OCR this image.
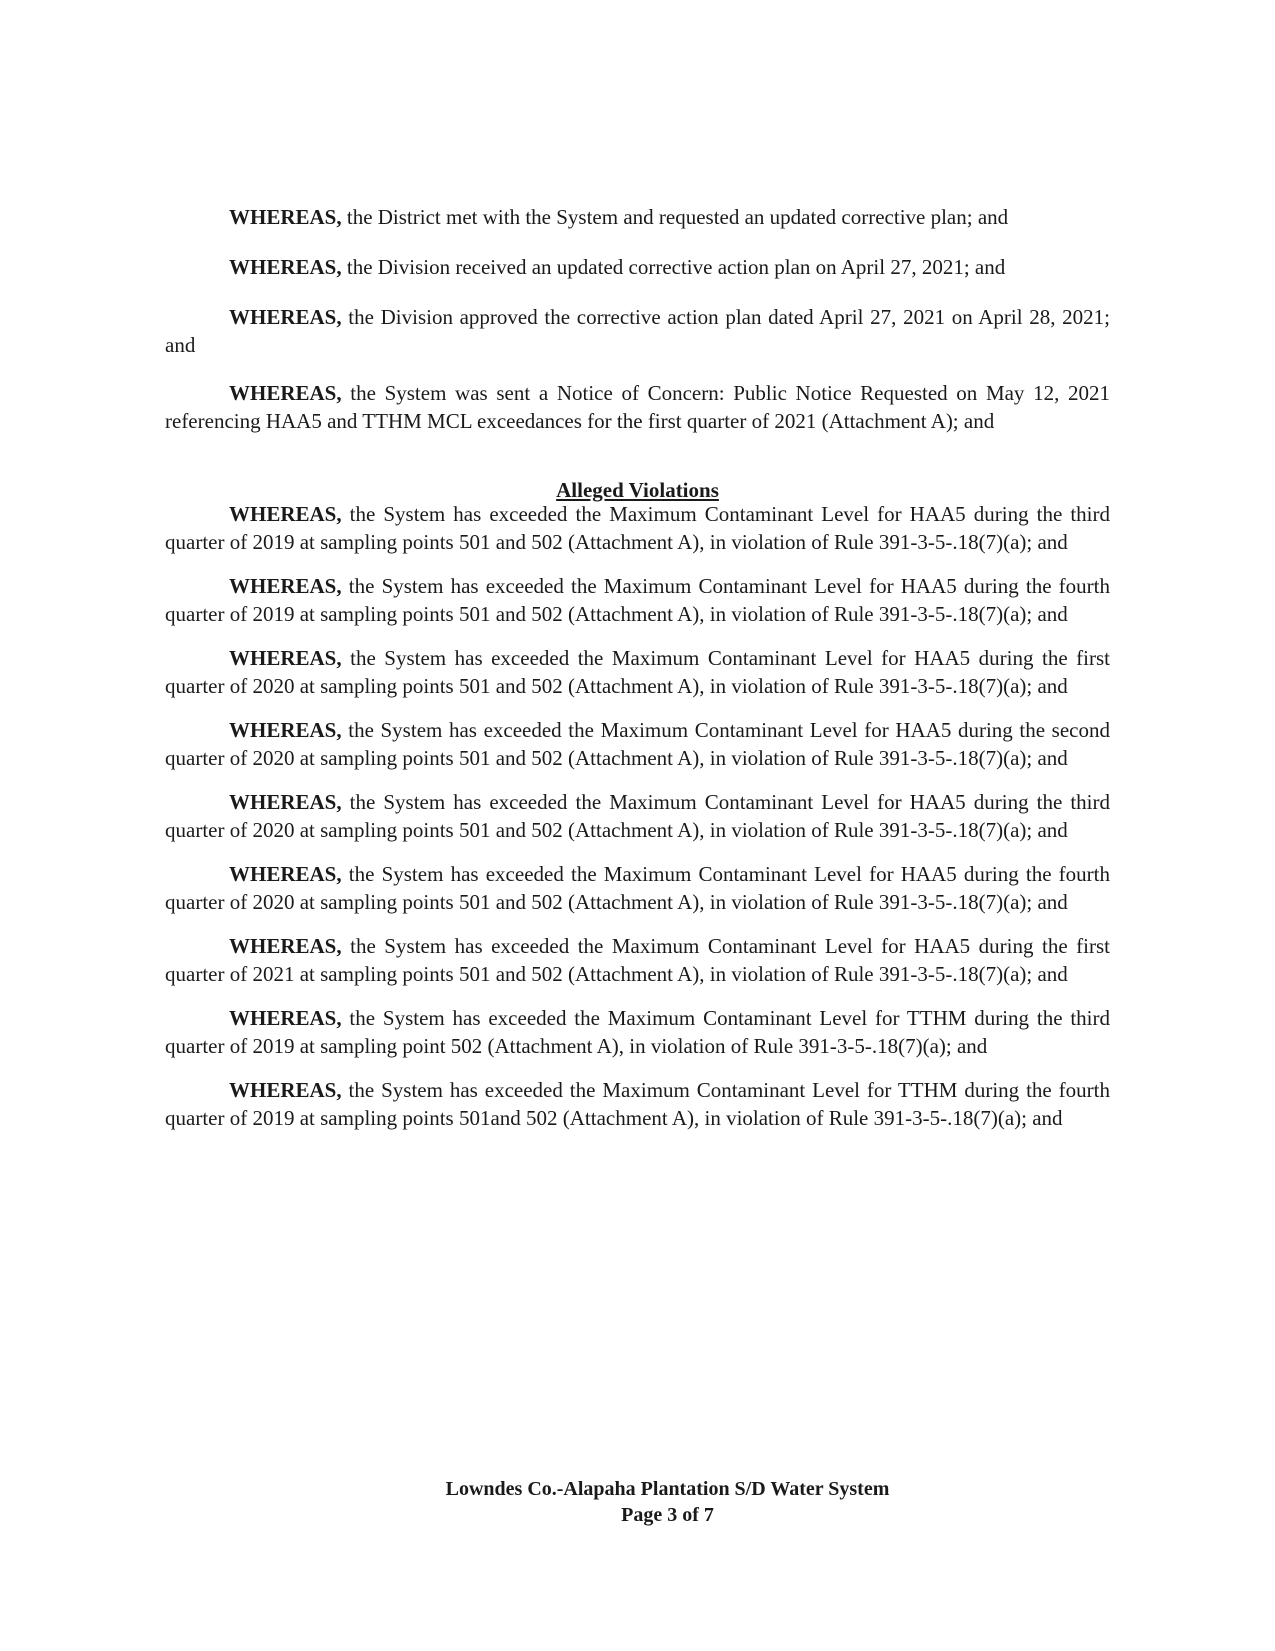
WHEREAS, the District met with the System and requested an updated corrective plan; and

WHEREAS, the Division received an updated corrective action plan on April 27, 2021; and

WHEREAS, the Division approved the corrective action plan dated April 27, 2021 on April 28, 2021; and

WHEREAS, the System was sent a Notice of Concern: Public Notice Requested on May 12, 2021 referencing HAA5 and TTHM MCL exceedances for the first quarter of 2021 (Attachment A); and

Alleged Violations

WHEREAS, the System has exceeded the Maximum Contaminant Level for HAA5 during the third quarter of 2019 at sampling points 501 and 502 (Attachment A), in violation of Rule 391-3-5-.18(7)(a); and

WHEREAS, the System has exceeded the Maximum Contaminant Level for HAA5 during the fourth quarter of 2019 at sampling points 501 and 502 (Attachment A), in violation of Rule 391-3-5-.18(7)(a); and

WHEREAS, the System has exceeded the Maximum Contaminant Level for HAA5 during the first quarter of 2020 at sampling points 501 and 502 (Attachment A), in violation of Rule 391-3-5-.18(7)(a); and

WHEREAS, the System has exceeded the Maximum Contaminant Level for HAA5 during the second quarter of 2020 at sampling points 501 and 502 (Attachment A), in violation of Rule 391-3-5-.18(7)(a); and

WHEREAS, the System has exceeded the Maximum Contaminant Level for HAA5 during the third quarter of 2020 at sampling points 501 and 502 (Attachment A), in violation of Rule 391-3-5-.18(7)(a); and

WHEREAS, the System has exceeded the Maximum Contaminant Level for HAA5 during the fourth quarter of 2020 at sampling points 501 and 502 (Attachment A), in violation of Rule 391-3-5-.18(7)(a); and

WHEREAS, the System has exceeded the Maximum Contaminant Level for HAA5 during the first quarter of 2021 at sampling points 501 and 502 (Attachment A), in violation of Rule 391-3-5-.18(7)(a); and

WHEREAS, the System has exceeded the Maximum Contaminant Level for TTHM during the third quarter of 2019 at sampling point 502 (Attachment A), in violation of Rule 391-3-5-.18(7)(a); and

WHEREAS, the System has exceeded the Maximum Contaminant Level for TTHM during the fourth quarter of 2019 at sampling points 501and 502 (Attachment A), in violation of Rule 391-3-5-.18(7)(a); and

Lowndes Co.-Alapaha Plantation S/D Water System
Page 3 of 7
